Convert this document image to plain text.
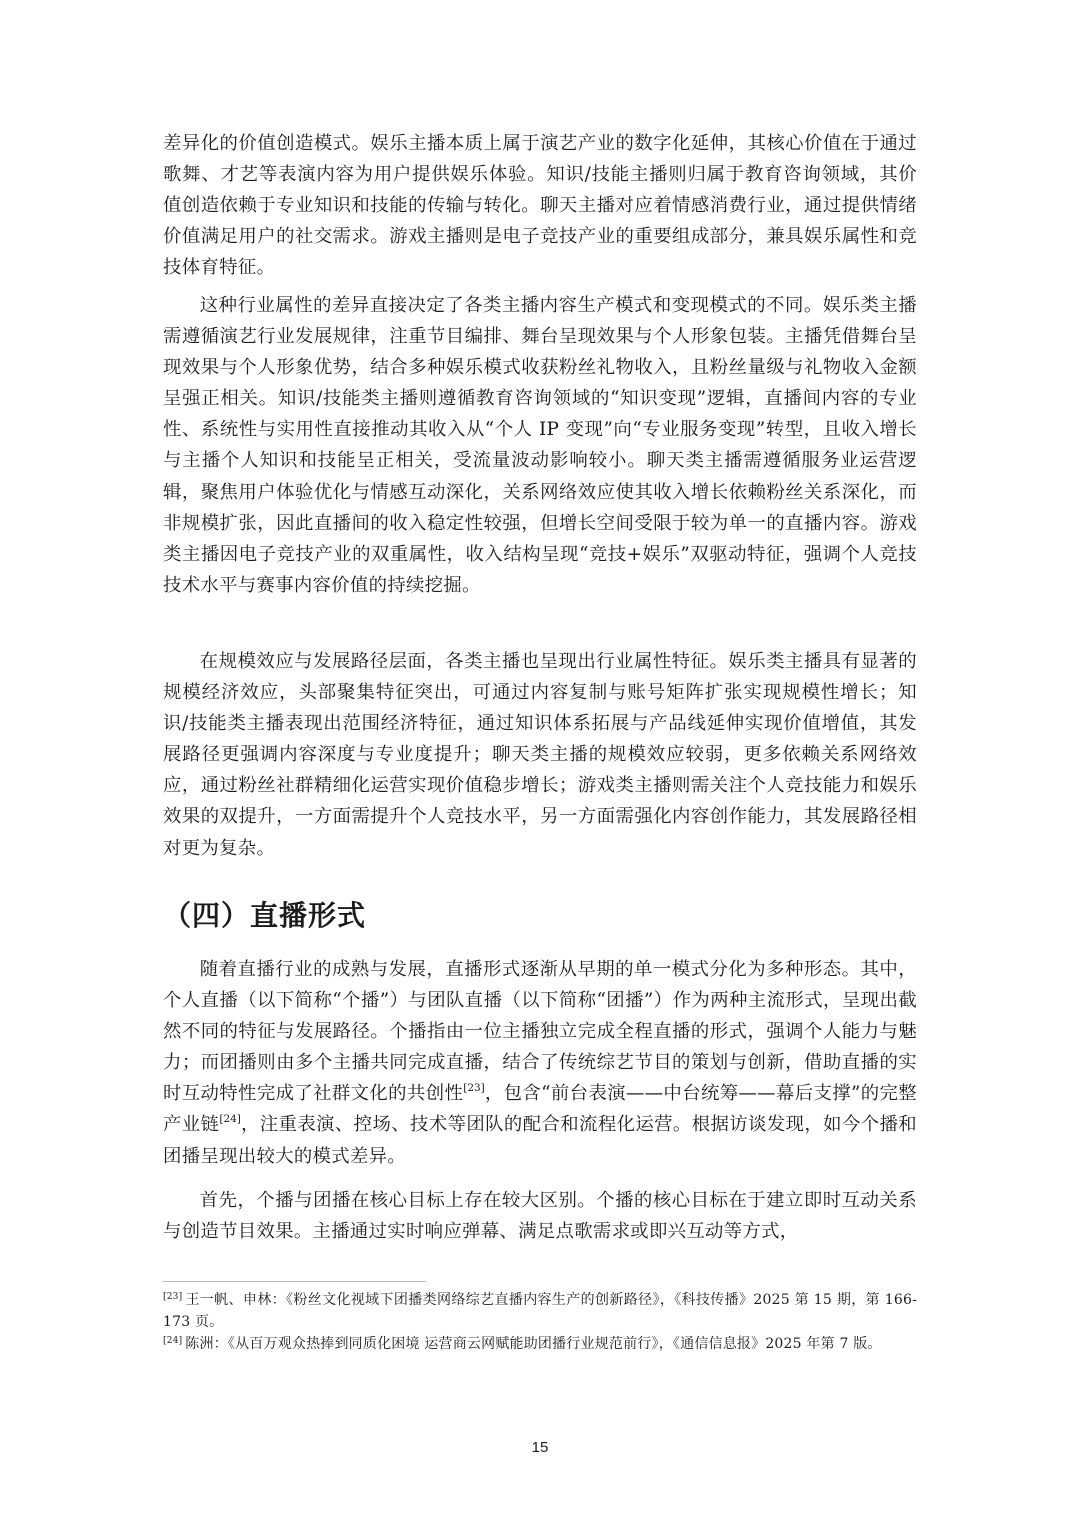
差异化的价值创造模式。娱乐主播本质上属于演艺产业的数字化延伸，其核心价值在于通过歌舞、才艺等表演内容为用户提供娱乐体验。知识/技能主播则归属于教育咨询领域，其价值创造依赖于专业知识和技能的传输与转化。聊天主播对应着情感消费行业，通过提供情绪价值满足用户的社交需求。游戏主播则是电子竞技产业的重要组成部分，兼具娱乐属性和竞技体育特征。

这种行业属性的差异直接决定了各类主播内容生产模式和变现模式的不同。娱乐类主播需遵循演艺行业发展规律，注重节目编排、舞台呈现效果与个人形象包装。主播凭借舞台呈现效果与个人形象优势，结合多种娱乐模式收获粉丝礼物收入，且粉丝量级与礼物收入金额呈强正相关。知识/技能类主播则遵循教育咨询领域的“知识变现”逻辑，直播间内容的专业性、系统性与实用性直接推动其收入从“个人 IP 变现”向“专业服务变现”转型，且收入增长与主播个人知识和技能呈正相关，受流量波动影响较小。聊天类主播需遵循服务业运营逻辑，聚焦用户体验优化与情感互动深化，关系网络效应使其收入增长依赖粉丝关系深化，而非规模扩张，因此直播间的收入稳定性较强，但增长空间受限于较为单一的直播内容。游戏类主播因电子竞技产业的双重属性，收入结构呈现“竞技+娱乐”双驱动特征，强调个人竞技技术水平与赛事内容价值的持续挖掘。

在规模效应与发展路径层面，各类主播也呈现出行业属性特征。娱乐类主播具有显著的规模经济效应，头部聚集特征突出，可通过内容复制与账号矩阵扩张实现规模性增长；知识/技能类主播表现出范围经济特征，通过知识体系拓展与产品线延伸实现价值增值，其发展路径更强调内容深度与专业度提升；聊天类主播的规模效应较弱，更多依赖关系网络效应，通过粉丝社群精细化运营实现价值稳步增长；游戏类主播则需关注个人竞技能力和娱乐效果的双提升，一方面需提升个人竞技水平，另一方面需强化内容创作能力，其发展路径相对更为复杂。

（四）直播形式

随着直播行业的成熟与发展，直播形式逐渐从早期的单一模式分化为多种形态。其中，个人直播（以下简称“个播”）与团队直播（以下简称“团播”）作为两种主流形式，呈现出截然不同的特征与发展路径。个播指由一位主播独立完成全程直播的形式，强调个人能力与魅力；而团播则由多个主播共同完成直播，结合了传统综艺节目的策划与创新，借助直播的实时互动特性完成了社群文化的共创性[23]，包含“前台表演——中台统筹——幕后支撑”的完整产业链[24]，注重表演、控场、技术等团队的配合和流程化运营。根据访谈发现，如今个播和团播呈现出较大的模式差异。

首先，个播与团播在核心目标上存在较大区别。个播的核心目标在于建立即时互动关系与创造节目效果。主播通过实时响应弹幕、满足点歌需求或即兴互动等方式，

[23] 王一帆、申林：《粉丝文化视域下团播类网络综艺直播内容生产的创新路径》，《科技传播》2025 第 15 期，第 166-173 页。

[24] 陈洲：《从百万观众热捧到同质化困境 运营商云网赋能助团播行业规范前行》，《通信信息报》2025 年第 7 版。

15
